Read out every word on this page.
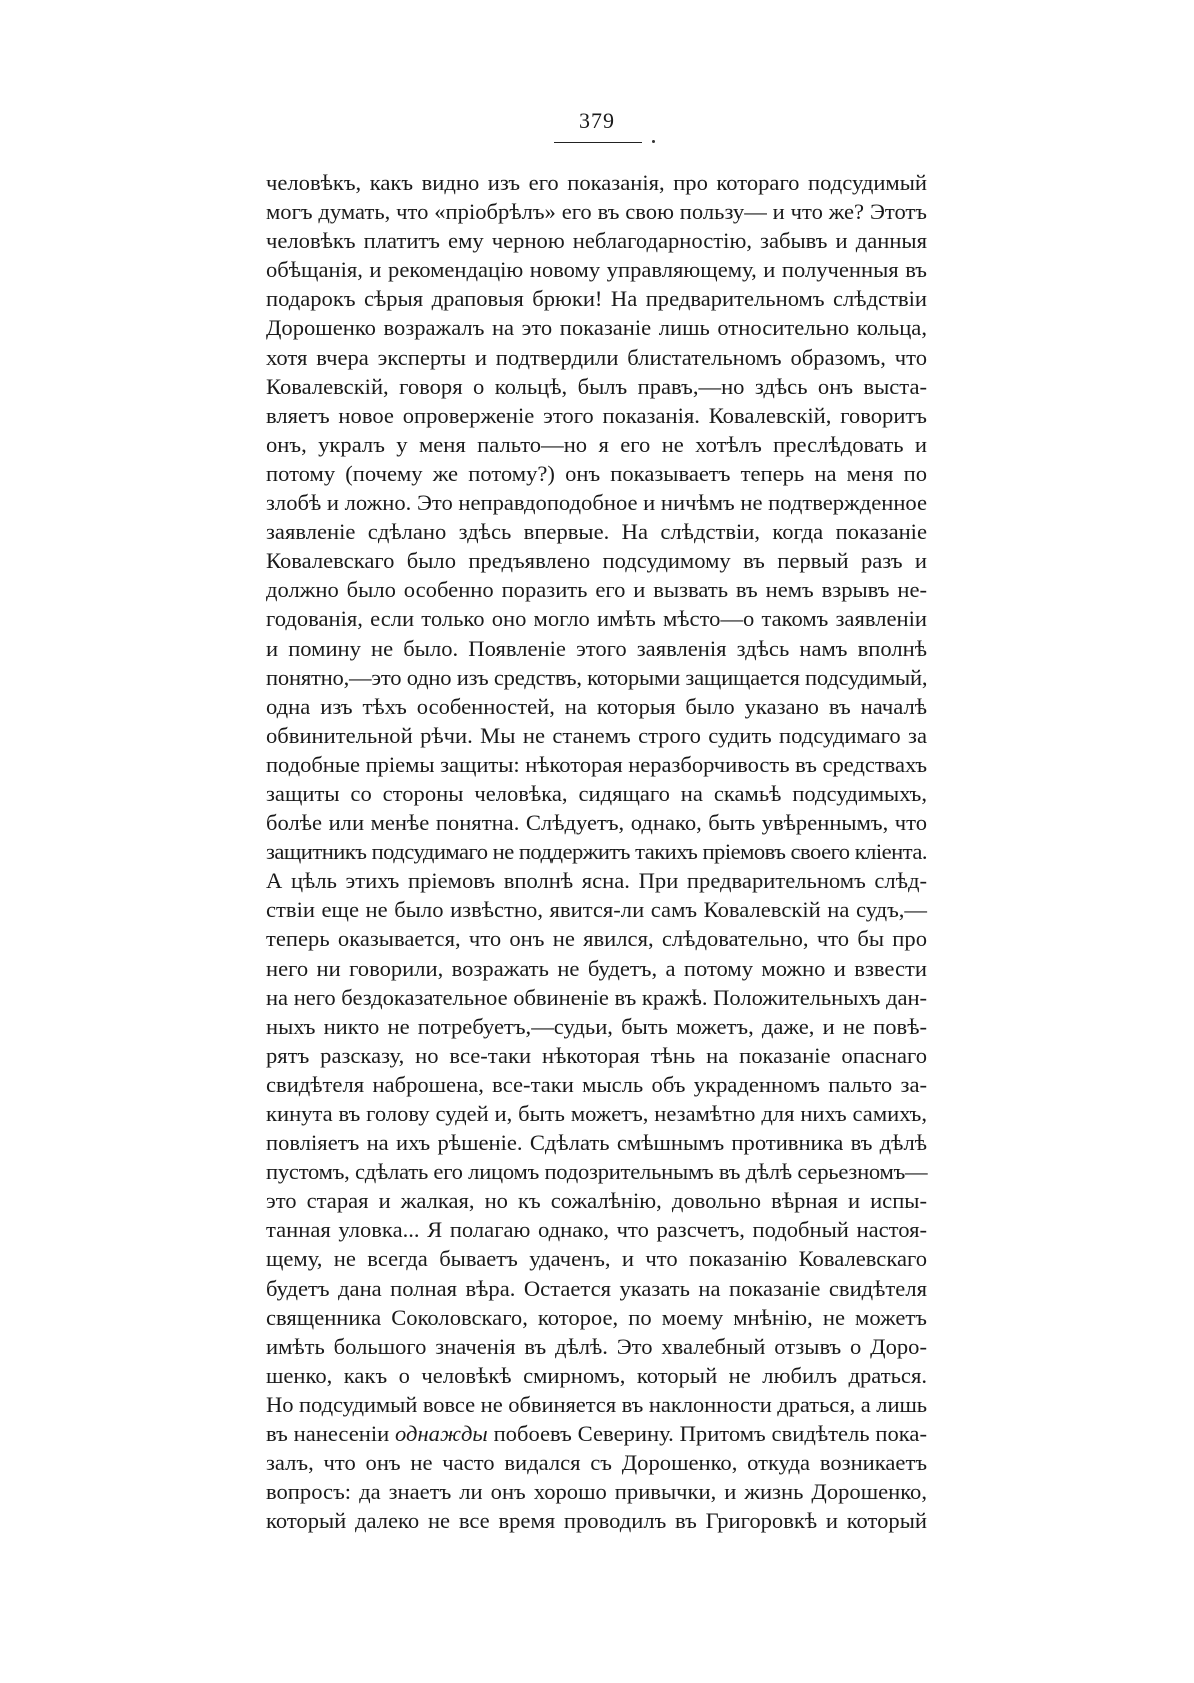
379
человѣкъ, какъ видно изъ его показанія, про котораго подсудимый
могъ думать, что «пріобрѣлъ» его въ свою пользу— и что же? Этотъ
человѣкъ платитъ ему черною неблагодарностію, забывъ и данныя
обѣщанія, и рекомендацію новому управляющему, и полученныя въ
подарокъ сѣрыя драповыя брюки! На предварительномъ слѣдствіи
Дорошенко возражалъ на это показаніе лишь относительно кольца,
хотя вчера эксперты и подтвердили блистательномъ образомъ, что
Ковалевскій, говоря о кольцѣ, былъ правъ,—но здѣсь онъ выста-
вляетъ новое опроверженіе этого показанія. Ковалевскій, говоритъ
онъ, укралъ у меня пальто—но я его не хотѣлъ преслѣдовать и
потому (почему же потому?) онъ показываетъ теперь на меня по
злобѣ и ложно. Это неправдоподобное и ничѣмъ не подтвержденное
заявленіе сдѣлано здѣсь впервые. На слѣдствіи, когда показаніе
Ковалевскаго было предъявлено подсудимому въ первый разъ и
должно было особенно поразить его и вызвать въ немъ взрывъ не-
годованія, если только оно могло имѣть мѣсто—о такомъ заявленіи
и помину не было. Появленіе этого заявленія здѣсь намъ вполнѣ
понятно,—это одно изъ средствъ, которыми защищается подсудимый,
одна изъ тѣхъ особенностей, на которыя было указано въ началѣ
обвинительной рѣчи. Мы не станемъ строго судить подсудимаго за
подобные пріемы защиты: нѣкоторая неразборчивость въ средствахъ
защиты со стороны человѣка, сидящаго на скамьѣ подсудимыхъ,
болѣе или менѣе понятна. Слѣдуетъ, однако, быть увѣреннымъ, что
защитникъ подсудимаго не поддержитъ такихъ пріемовъ своего кліента.
А цѣль этихъ пріемовъ вполнѣ ясна. При предварительномъ слѣд-
ствіи еще не было извѣстно, явится-ли самъ Ковалевскій на судъ,—
теперь оказывается, что онъ не явился, слѣдовательно, что бы про
него ни говорили, возражать не будетъ, а потому можно и взвести
на него бездоказательное обвиненіе въ кражѣ. Положительныхъ дан-
ныхъ никто не потребуетъ,—судьи, быть можетъ, даже, и не повѣ-
рятъ разсказу, но все-таки нѣкоторая тѣнь на показаніе опаснаго
свидѣтеля наброшена, все-таки мысль объ украденномъ пальто за-
кинута въ голову судей и, быть можетъ, незамѣтно для нихъ самихъ,
повліяетъ на ихъ рѣшеніе. Сдѣлать смѣшнымъ противника въ дѣлѣ
пустомъ, сдѣлать его лицомъ подозрительнымъ въ дѣлѣ серьезномъ—
это старая и жалкая, но къ сожалѣнію, довольно вѣрная и испы-
танная уловка... Я полагаю однако, что разсчетъ, подобный настоя-
щему, не всегда бываетъ удаченъ, и что показанію Ковалевскаго
будетъ дана полная вѣра. Остается указать на показаніе свидѣтеля
священника Соколовскаго, которое, по моему мнѣнію, не можетъ
имѣть большого значенія въ дѣлѣ. Это хвалебный отзывъ о Доро-
шенко, какъ о человѣкѣ смирномъ, который не любилъ драться.
Но подсудимый вовсе не обвиняется въ наклонности драться, а лишь
въ нанесеніи однажды побоевъ Северину. Притомъ свидѣтель пока-
залъ, что онъ не часто видался съ Дорошенко, откуда возникаетъ
вопросъ: да знаетъ ли онъ хорошо привычки, и жизнь Дорошенко,
который далеко не все время проводилъ въ Григоровкѣ и который
